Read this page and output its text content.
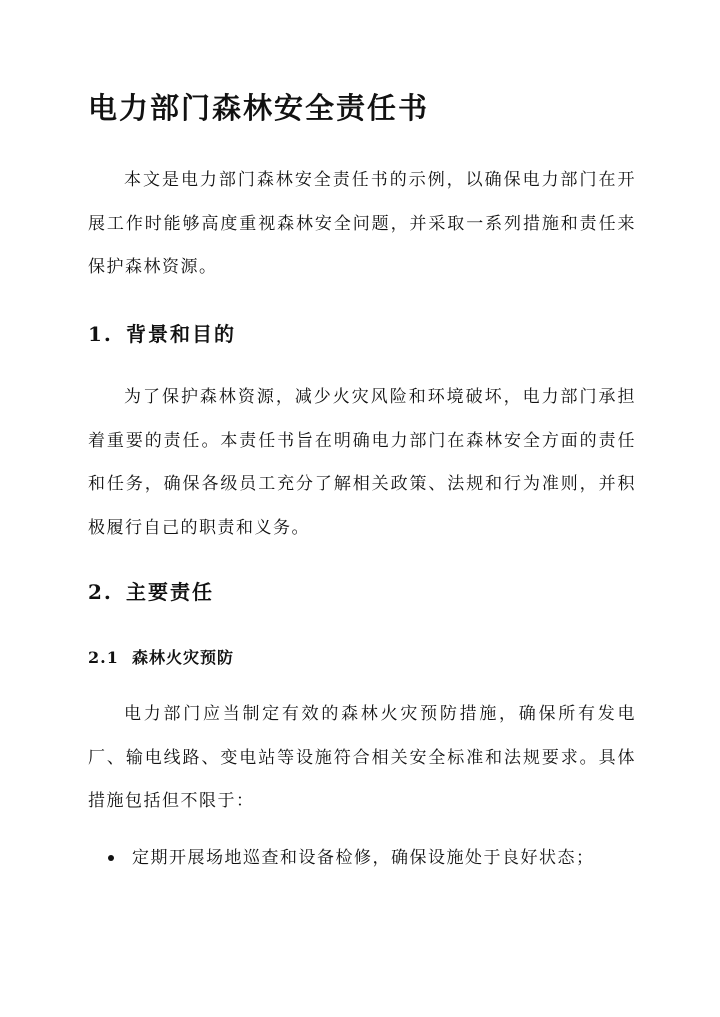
电力部门森林安全责任书

本文是电力部门森林安全责任书的示例，以确保电力部门在开展工作时能够高度重视森林安全问题，并采取一系列措施和责任来保护森林资源。

1. 背景和目的

为了保护森林资源，减少火灾风险和环境破坏，电力部门承担着重要的责任。本责任书旨在明确电力部门在森林安全方面的责任和任务，确保各级员工充分了解相关政策、法规和行为准则，并积极履行自己的职责和义务。

2. 主要责任
2.1 森林火灾预防

电力部门应当制定有效的森林火灾预防措施，确保所有发电厂、输电线路、变电站等设施符合相关安全标准和法规要求。具体措施包括但不限于：

定期开展场地巡查和设备检修，确保设施处于良好状态；
